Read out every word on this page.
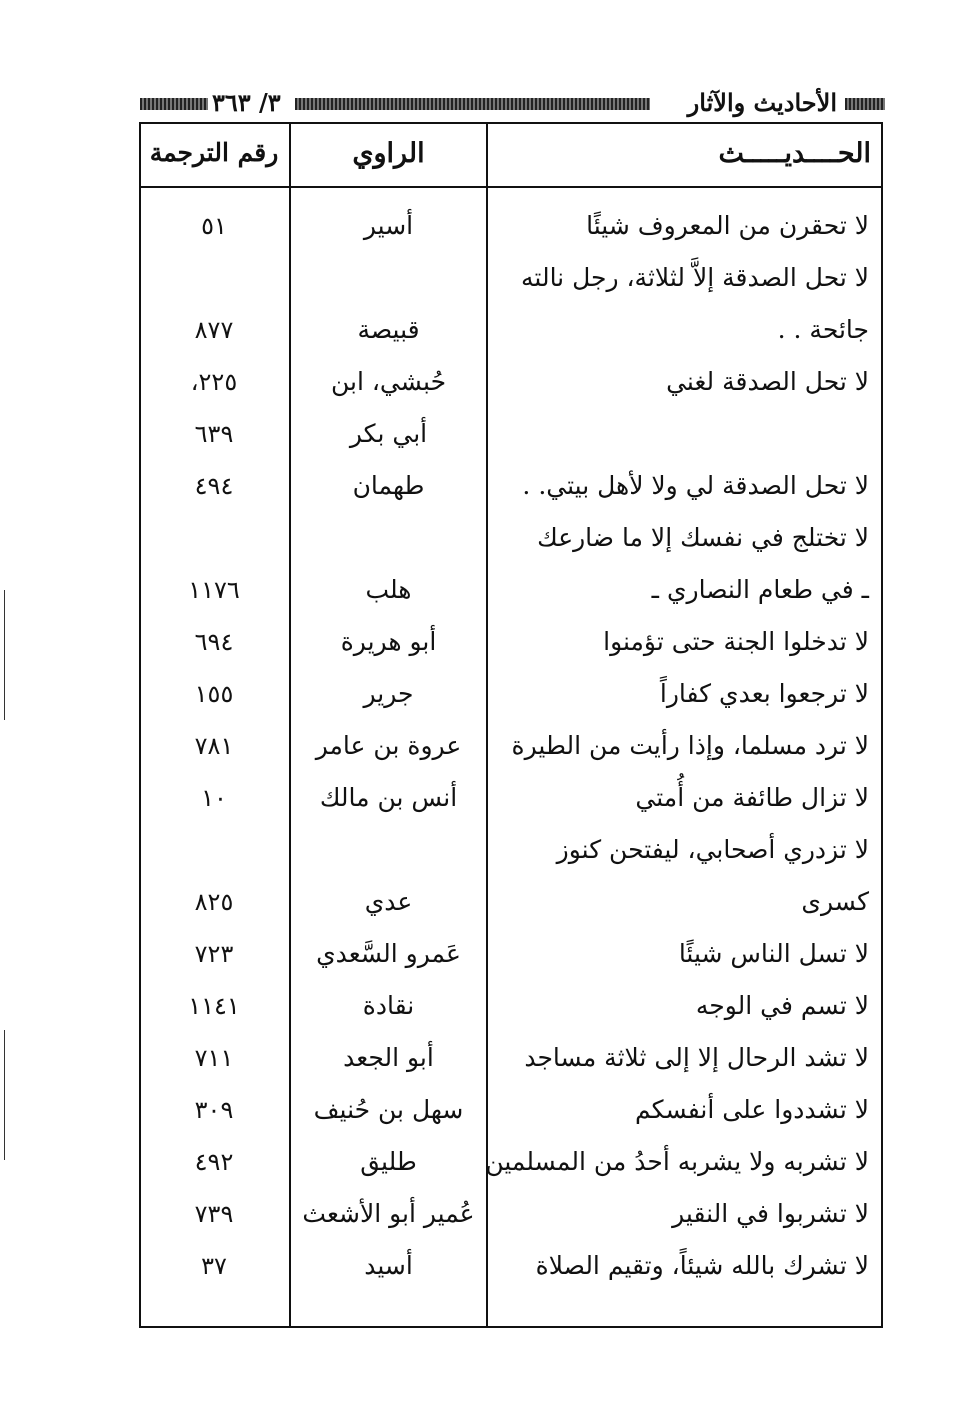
الأحاديث والآثار
٣/ ٣٦٣
الحــــديـــــث
الراوي
رقم الترجمة
لا تحقرن من المعروف شيئًا
أسير
٥١
لا تحل الصدقة إلاَّ لثلاثة، رجل نالته
جائحة . .
قبيصة
٨٧٧
لا تحل الصدقة لغني
حُبشي، ابن
٢٢٥،
أبي بكر
٦٣٩
لا تحل الصدقة لي ولا لأهل بيتي. .
طهمان
٤٩٤
لا تختلج في نفسك إلا ما ضارعك
ـ في طعام النصاري ـ
هلب
١١٧٦
لا تدخلوا الجنة حتى تؤمنوا
أبو هريرة
٦٩٤
لا ترجعوا بعدي كفاراً
جرير
١٥٥
لا ترد مسلما، وإذا رأيت من الطيرة
عروة بن عامر
٧٨١
لا تزال طائفة من أُمتي
أنس بن مالك
١٠
لا تزدري أصحابي، ليفتحن كنوز
كسرى
عدي
٨٢٥
لا تسل الناس شيئًا
عَمرو السَّعدي
٧٢٣
لا تسم في الوجه
نقادة
١١٤١
لا تشد الرحال إلا إلى ثلاثة مساجد
أبو الجعد
٧١١
لا تشددوا على أنفسكم
سهل بن حُنيف
٣٠٩
لا تشربه ولا يشربه أحدُ من المسلمين
طليق
٤٩٢
لا تشربوا في النقير
عُمير أبو الأشعث
٧٣٩
لا تشرك بالله شيئاً، وتقيم الصلاة
أسيد
٣٧
